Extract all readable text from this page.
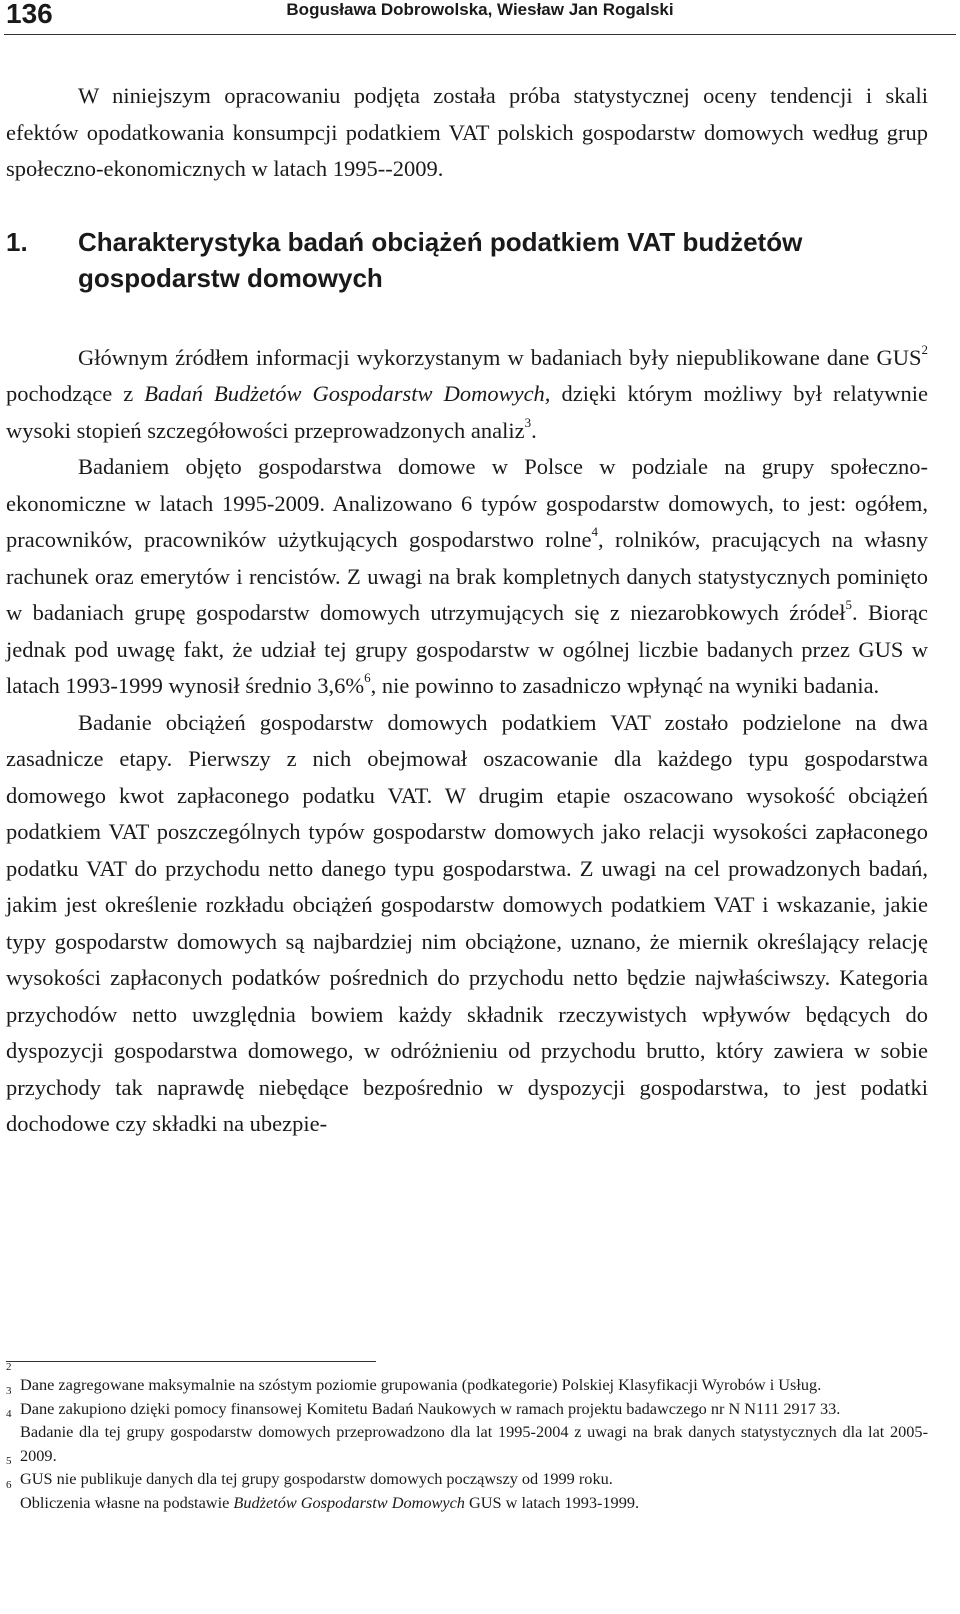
136	Bogusława Dobrowolska, Wiesław Jan Rogalski

W niniejszym opracowaniu podjęta została próba statystycznej oceny tendencji i skali efektów opodatkowania konsumpcji podatkiem VAT polskich gospodarstw domowych według grup społeczno-ekonomicznych w latach 1995--2009.

1.	Charakterystyka badań obciążeń podatkiem VAT budżetów gospodarstw domowych

Głównym źródłem informacji wykorzystanym w badaniach były niepublikowane dane GUS$^2$ pochodzące z Badań Budżetów Gospodarstw Domowych, dzięki którym możliwy był relatywnie wysoki stopień szczegółowości przeprowadzonych analiz$^3$.

Badaniem objęto gospodarstwa domowe w Polsce w podziale na grupy społeczno-ekonomiczne w latach 1995-2009. Analizowano 6 typów gospodarstw domowych, to jest: ogółem, pracowników, pracowników użytkujących gospodarstwo rolne$^4$, rolników, pracujących na własny rachunek oraz emerytów i rencistów. Z uwagi na brak kompletnych danych statystycznych pominięto w badaniach grupę gospodarstw domowych utrzymujących się z niezarobkowych źródeł$^5$. Biorąc jednak pod uwagę fakt, że udział tej grupy gospodarstw w ogólnej liczbie badanych przez GUS w latach 1993-1999 wynosił średnio 3,6%$^6$, nie powinno to zasadniczo wpłynąć na wyniki badania.

Badanie obciążeń gospodarstw domowych podatkiem VAT zostało podzielone na dwa zasadnicze etapy. Pierwszy z nich obejmował oszacowanie dla każdego typu gospodarstwa domowego kwot zapłaconego podatku VAT. W drugim etapie oszacowano wysokość obciążeń podatkiem VAT poszczególnych typów gospodarstw domowych jako relacji wysokości zapłaconego podatku VAT do przychodu netto danego typu gospodarstwa. Z uwagi na cel prowadzonych badań, jakim jest określenie rozkładu obciążeń gospodarstw domowych podatkiem VAT i wskazanie, jakie typy gospodarstw domowych są najbardziej nim obciążone, uznano, że miernik określający relację wysokości zapłaconych podatków pośrednich do przychodu netto będzie najwłaściwszy. Kategoria przychodów netto uwzględnia bowiem każdy składnik rzeczywistych wpływów będących do dyspozycji gospodarstwa domowego, w odróżnieniu od przychodu brutto, który zawiera w sobie przychody tak naprawdę niebędące bezpośrednio w dyspozycji gospodarstwa, to jest podatki dochodowe czy składki na ubezpie-

2
Dane zagregowane maksymalnie na szóstym poziomie grupowania (podkategorie) Polskiej Klasyfikacji Wyrobów i Usług.

3
Dane zakupiono dzięki pomocy finansowej Komitetu Badań Naukowych w ramach projektu badawczego nr N N111 2917 33.

4
Badanie dla tej grupy gospodarstw domowych przeprowadzono dla lat 1995-2004 z uwagi na brak danych statystycznych dla lat 2005-2009.

5
GUS nie publikuje danych dla tej grupy gospodarstw domowych począwszy od 1999 roku.

6
Obliczenia własne na podstawie Budżetów Gospodarstw Domowych GUS w latach 1993-1999.
